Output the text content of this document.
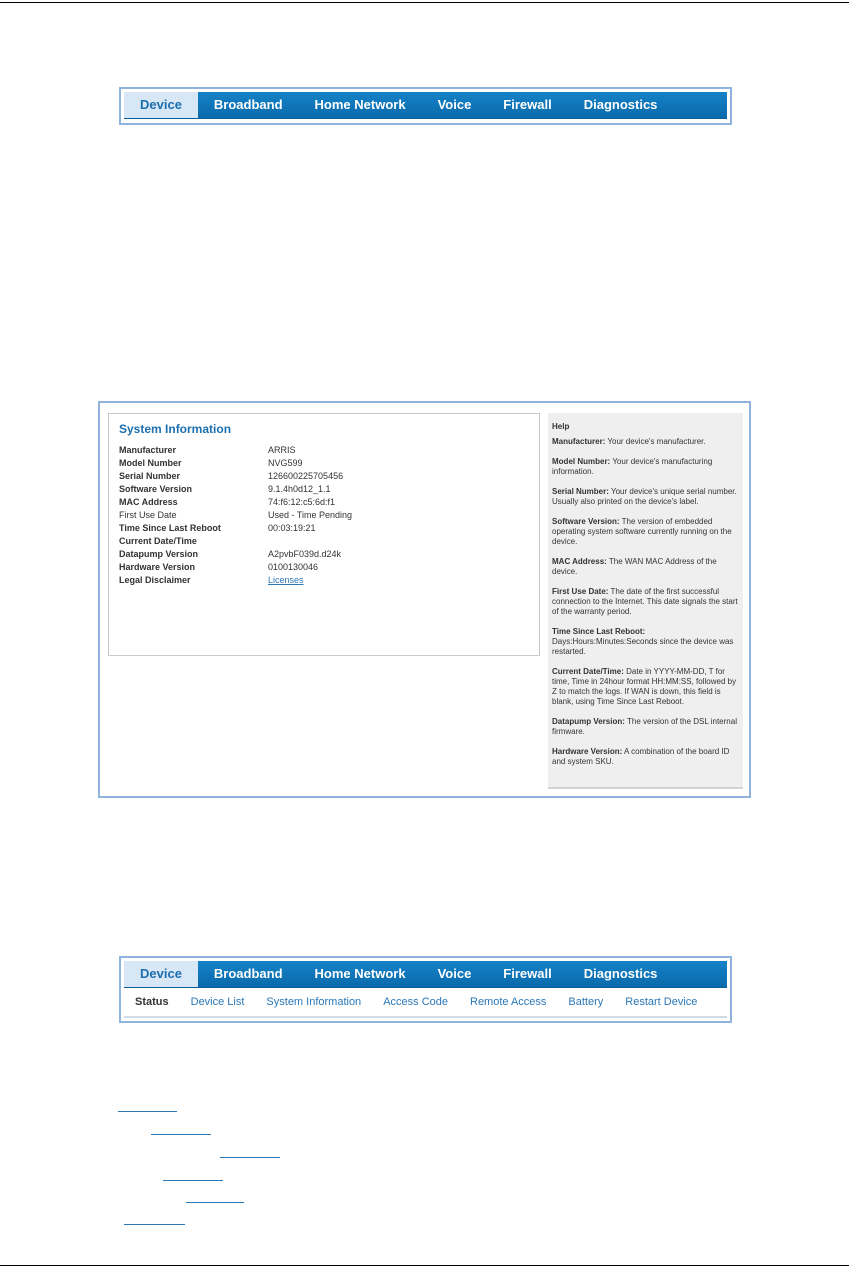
Device	Broadband	Home Network	Voice	Firewall	Diagnostics
System Information
Manufacturer	ARRIS
Model Number	NVG599
Serial Number	126600225705456
Software Version	9.1.4h0d12_1.1
MAC Address	74:f6:12:c5:6d:f1
First Use Date	Used - Time Pending
Time Since Last Reboot	00:03:19:21
Current Date/Time
Datapump Version	A2pvbF039d.d24k
Hardware Version	0100130046
Legal Disclaimer	Licenses
Help
Manufacturer: Your device's manufacturer.
Model Number: Your device's manufacturing information.
Serial Number: Your device's unique serial number. Usually also printed on the device's label.
Software Version: The version of embedded operating system software currently running on the device.
MAC Address: The WAN MAC Address of the device.
First Use Date: The date of the first successful connection to the Internet. This date signals the start of the warranty period.
Time Since Last Reboot: Days:Hours:Minutes:Seconds since the device was restarted.
Current Date/Time: Date in YYYY-MM-DD, T for time, Time in 24hour format HH:MM:SS, followed by Z to match the logs. If WAN is down, this field is blank, using Time Since Last Reboot.
Datapump Version: The version of the DSL internal firmware.
Hardware Version: A combination of the board ID and system SKU.
Device	Broadband	Home Network	Voice	Firewall	Diagnostics
Status	Device List	System Information	Access Code	Remote Access	Battery	Restart Device
